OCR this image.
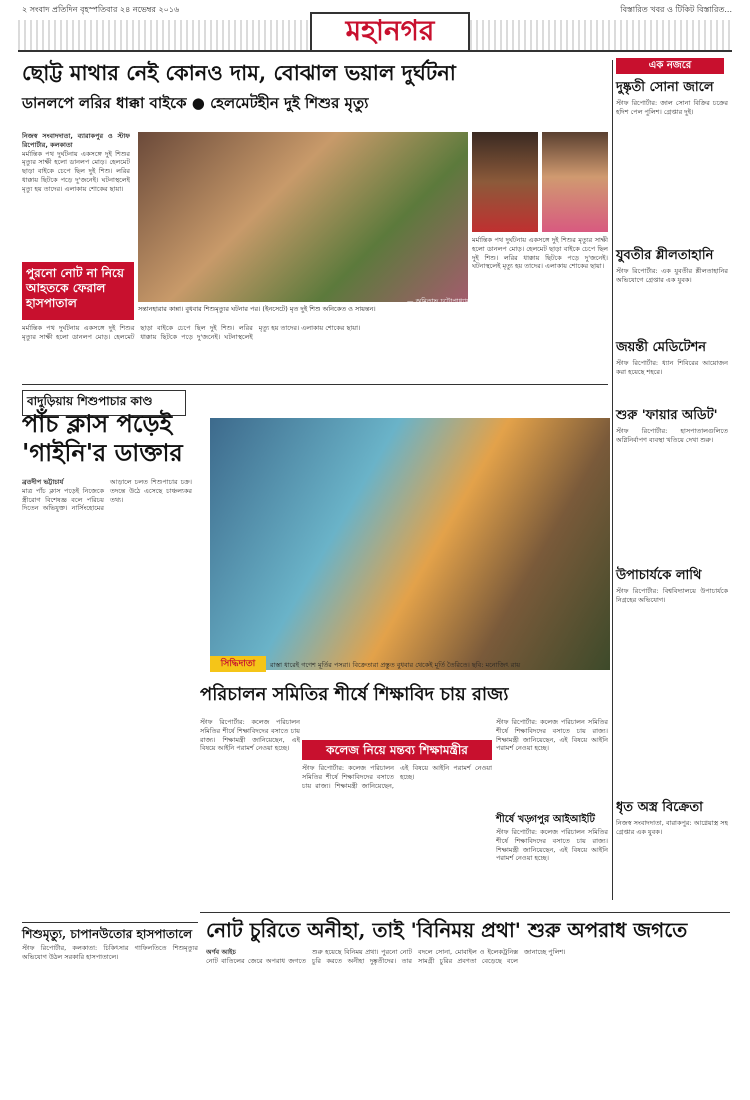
২ সংবাদ প্রতিদিন বৃহস্পতিবার ২৪ নভেম্বর ২০১৬	বিস্তারিত খবর ও টিকিট বিস্তারিত...
মহানগর
ছোট্ট মাথার নেই কোনও দাম, বোঝাল ভয়াল দুর্ঘটনা
ডানলপে লরির ধাক্কা বাইকে ● হেলমেটহীন দুই শিশুর মৃত্যু
নিজস্ব সংবাদদাতা, ব্যারাকপুর ও স্টাফ রিপোর্টার, কলকাতা
মর্মান্তিক পথ দুর্ঘটনায় একসঙ্গে দুই শিশুর মৃত্যুর সাক্ষী হলো ডানলপ মোড়। হেলমেট ছাড়া বাইকে চেপে ছিল দুই শিশু। লরির ধাক্কায় ছিটকে পড়ে দু'জনেই। ঘটনাস্থলেই মৃত্যু হয় তাদের। এলাকায় শোকের ছায়া।
সন্তানহারার কান্না। বুধবার শিশুমৃত্যুর ঘটনার পর। (ইনসেটে) মৃত দুই শিশু অনিকেত ও সায়ন্তন।
— অমিতাভ চট্টোপাধ্যায়
পুরনো নোট না নিয়ে আহতকে ফেরাল হাসপাতাল
মর্মান্তিক পথ দুর্ঘটনায় একসঙ্গে দুই শিশুর মৃত্যুর সাক্ষী হলো ডানলপ মোড়। হেলমেট ছাড়া বাইকে চেপে ছিল দুই শিশু। লরির ধাক্কায় ছিটকে পড়ে দু'জনেই। ঘটনাস্থলেই মৃত্যু হয় তাদের। এলাকায় শোকের ছায়া।
মর্মান্তিক পথ দুর্ঘটনায় একসঙ্গে দুই শিশুর মৃত্যুর সাক্ষী হলো ডানলপ মোড়। হেলমেট ছাড়া বাইকে চেপে ছিল দুই শিশু। লরির ধাক্কায় ছিটকে পড়ে দু'জনেই। ঘটনাস্থলেই মৃত্যু হয় তাদের। এলাকায় শোকের ছায়া।
এক নজরে
দুষ্কৃতী সোনা জালে
স্টাফ রিপোর্টার: জাল সোনা বিক্রির চক্রের হদিশ পেল পুলিশ। গ্রেপ্তার দুই।
যুবতীর শ্লীলতাহানি
স্টাফ রিপোর্টার: এক যুবতীর শ্লীলতাহানির অভিযোগে গ্রেপ্তার এক যুবক।
জয়ন্তী মেডিটেশন
স্টাফ রিপোর্টার: ধ্যান শিবিরের আয়োজন করা হয়েছে শহরে।
শুরু 'ফায়ার অডিট'
স্টাফ রিপোর্টার: হাসপাতালগুলিতে অগ্নিনির্বাপণ ব্যবস্থা খতিয়ে দেখা শুরু।
উপাচার্যকে লাথি
স্টাফ রিপোর্টার: বিশ্ববিদ্যালয়ে উপাচার্যকে নিগ্রহের অভিযোগ।
ধৃত অস্ত্র বিক্রেতা
নিজস্ব সংবাদদাতা, বারাকপুর: আগ্নেয়াস্ত্র সহ গ্রেপ্তার এক যুবক।
বাদুড়িয়ায় শিশুপাচার কাণ্ড
পাঁচ ক্লাস পড়েই 'গাইনি'র ডাক্তার
ব্রতদীপ ভট্টাচার্য
মাত্র পাঁচ ক্লাস পড়েই নিজেকে স্ত্রীরোগ বিশেষজ্ঞ বলে পরিচয় দিতেন অভিযুক্ত। নার্সিংহোমের আড়ালে চলত শিশুপাচার চক্র। তদন্তে উঠে এসেছে চাঞ্চল্যকর তথ্য।
সিদ্ধিদাতা	রাস্তা ধারেই গণেশ মূর্তির পসরা। বিক্রেতারা প্রস্তুত বুধবার থেকেই মূর্তি তৈরিতে। ছবি: মনোজিৎ রায়
পরিচালন সমিতির শীর্ষে শিক্ষাবিদ চায় রাজ্য
স্টাফ রিপোর্টার: কলেজ পরিচালন সমিতির শীর্ষে শিক্ষাবিদদের বসাতে চায় রাজ্য। শিক্ষামন্ত্রী জানিয়েছেন, এই বিষয়ে আইনি পরামর্শ নেওয়া হচ্ছে।	কলেজ নিয়ে মন্তব্য শিক্ষামন্ত্রীর
স্টাফ রিপোর্টার: কলেজ পরিচালন সমিতির শীর্ষে শিক্ষাবিদদের বসাতে চায় রাজ্য। শিক্ষামন্ত্রী জানিয়েছেন, এই বিষয়ে আইনি পরামর্শ নেওয়া হচ্ছে।
স্টাফ রিপোর্টার: কলেজ পরিচালন সমিতির শীর্ষে শিক্ষাবিদদের বসাতে চায় রাজ্য। শিক্ষামন্ত্রী জানিয়েছেন, এই বিষয়ে আইনি পরামর্শ নেওয়া হচ্ছে।
শীর্ষে খড়্গপুর আইআইটি
স্টাফ রিপোর্টার: কলেজ পরিচালন সমিতির শীর্ষে শিক্ষাবিদদের বসাতে চায় রাজ্য। শিক্ষামন্ত্রী জানিয়েছেন, এই বিষয়ে আইনি পরামর্শ নেওয়া হচ্ছে।
শিশুমৃত্যু, চাপানউতোর হাসপাতালে
স্টাফ রিপোর্টার, কলকাতা: চিকিৎসার গাফিলতিতে শিশুমৃত্যুর অভিযোগ উঠল সরকারি হাসপাতালে।
নোট চুরিতে অনীহা, তাই 'বিনিময় প্রথা' শুরু অপরাধ জগতে
অর্ণব আইচ
নোট বাতিলের জেরে অপরাধ জগতে শুরু হয়েছে বিনিময় প্রথা। পুরনো নোট চুরি করতে অনীহা দুষ্কৃতীদের। তার বদলে সোনা, মোবাইল ও ইলেকট্রনিক্স সামগ্রী চুরির প্রবণতা বেড়েছে বলে জানাচ্ছে পুলিশ।
